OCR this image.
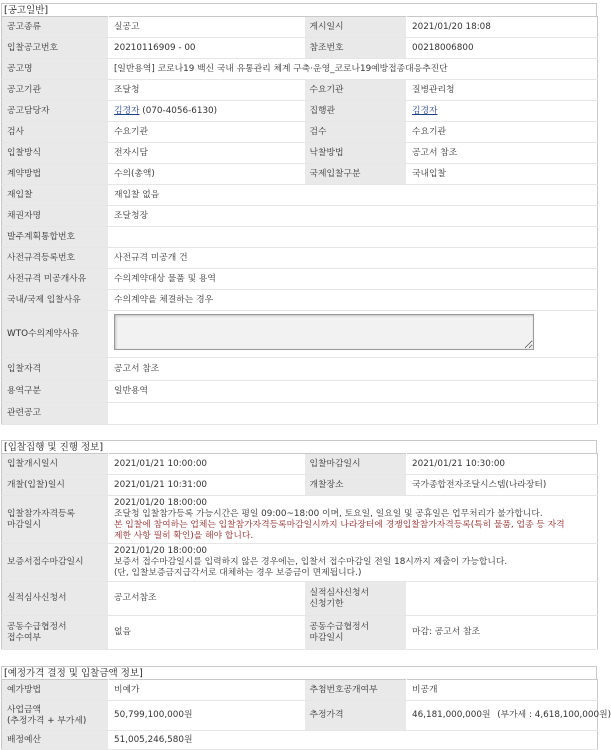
[공고일반]
공고종류	실공고	게시일시	2021/01/20 18:08
입찰공고번호	20210116909 - 00	참조번호	00218006800
공고명	[일반용역] 코로나19 백신 국내 유통관리 체계 구축·운영_코로나19예방접종대응추진단		
공고기관	조달청	수요기관	질병관리청
공고담당자	김경자 (070-4056-6130)	집행관	김경자
검사	수요기관	검수	수요기관
입찰방식	전자시담	낙찰방법	공고서 참조
계약방법	수의(총액)	국제입찰구분	국내입찰
재입찰	재입찰 없음		
채권자명	조달청장		
발주계획통합번호			
사전규격등록번호	사전규격 미공개 건		
사전규격 미공개사유	수의계약대상 물품 및 용역		
국내/국제 입찰사유	수의계약을 체결하는 경우		
WTO수의계약사유	
입찰자격	공고서 참조		
용역구분	일반용역		
관련공고			
[입찰집행 및 진행 정보]
입찰개시일시	2021/01/21 10:00:00	입찰마감일시	2021/01/21 10:30:00
개찰(입찰)일시	2021/01/21 10:31:00	개찰장소	국가종합전자조달시스템(나라장터)

입찰참가자격등록
마감일시	2021/01/20 18:00:00
조달청 입찰참가등록 가능시간은 평일 09:00~18:00 이며, 토요일, 일요일 및 공휴일은 업무처리가 불가합니다.
본 입찰에 참여하는 업체는 입찰참가자격등록마감일시까지 나라장터에 경쟁입찰참가자격등록(특히 물품, 업종 등 자격
제한 사항 필히 확인)을 해야 합니다.		

보증서접수마감일시	2021/01/20 18:00:00
보증서 접수마감일시를 입력하지 않은 경우에는, 입찰서 접수마감일 전일 18시까지 제출이 가능합니다.
(단, 입찰보증금지급각서로 대체하는 경우 보증금이 면제됩니다.)		

실적심사신청서	공고서참조	실적심사신청서
신청기한	

공동수급협정서
접수여부	없음	공동수급협정서
마감일시	마감: 공고서 참조
[예정가격 결정 및 입찰금액 정보]
예가방법	비예가	추첨번호공개여부	비공개

사업금액
(추정가격 + 부가세)	50,799,100,000원	추정가격	46,181,000,000원 (부가세 : 4,618,100,000원)
배정예산	51,005,246,580원		
